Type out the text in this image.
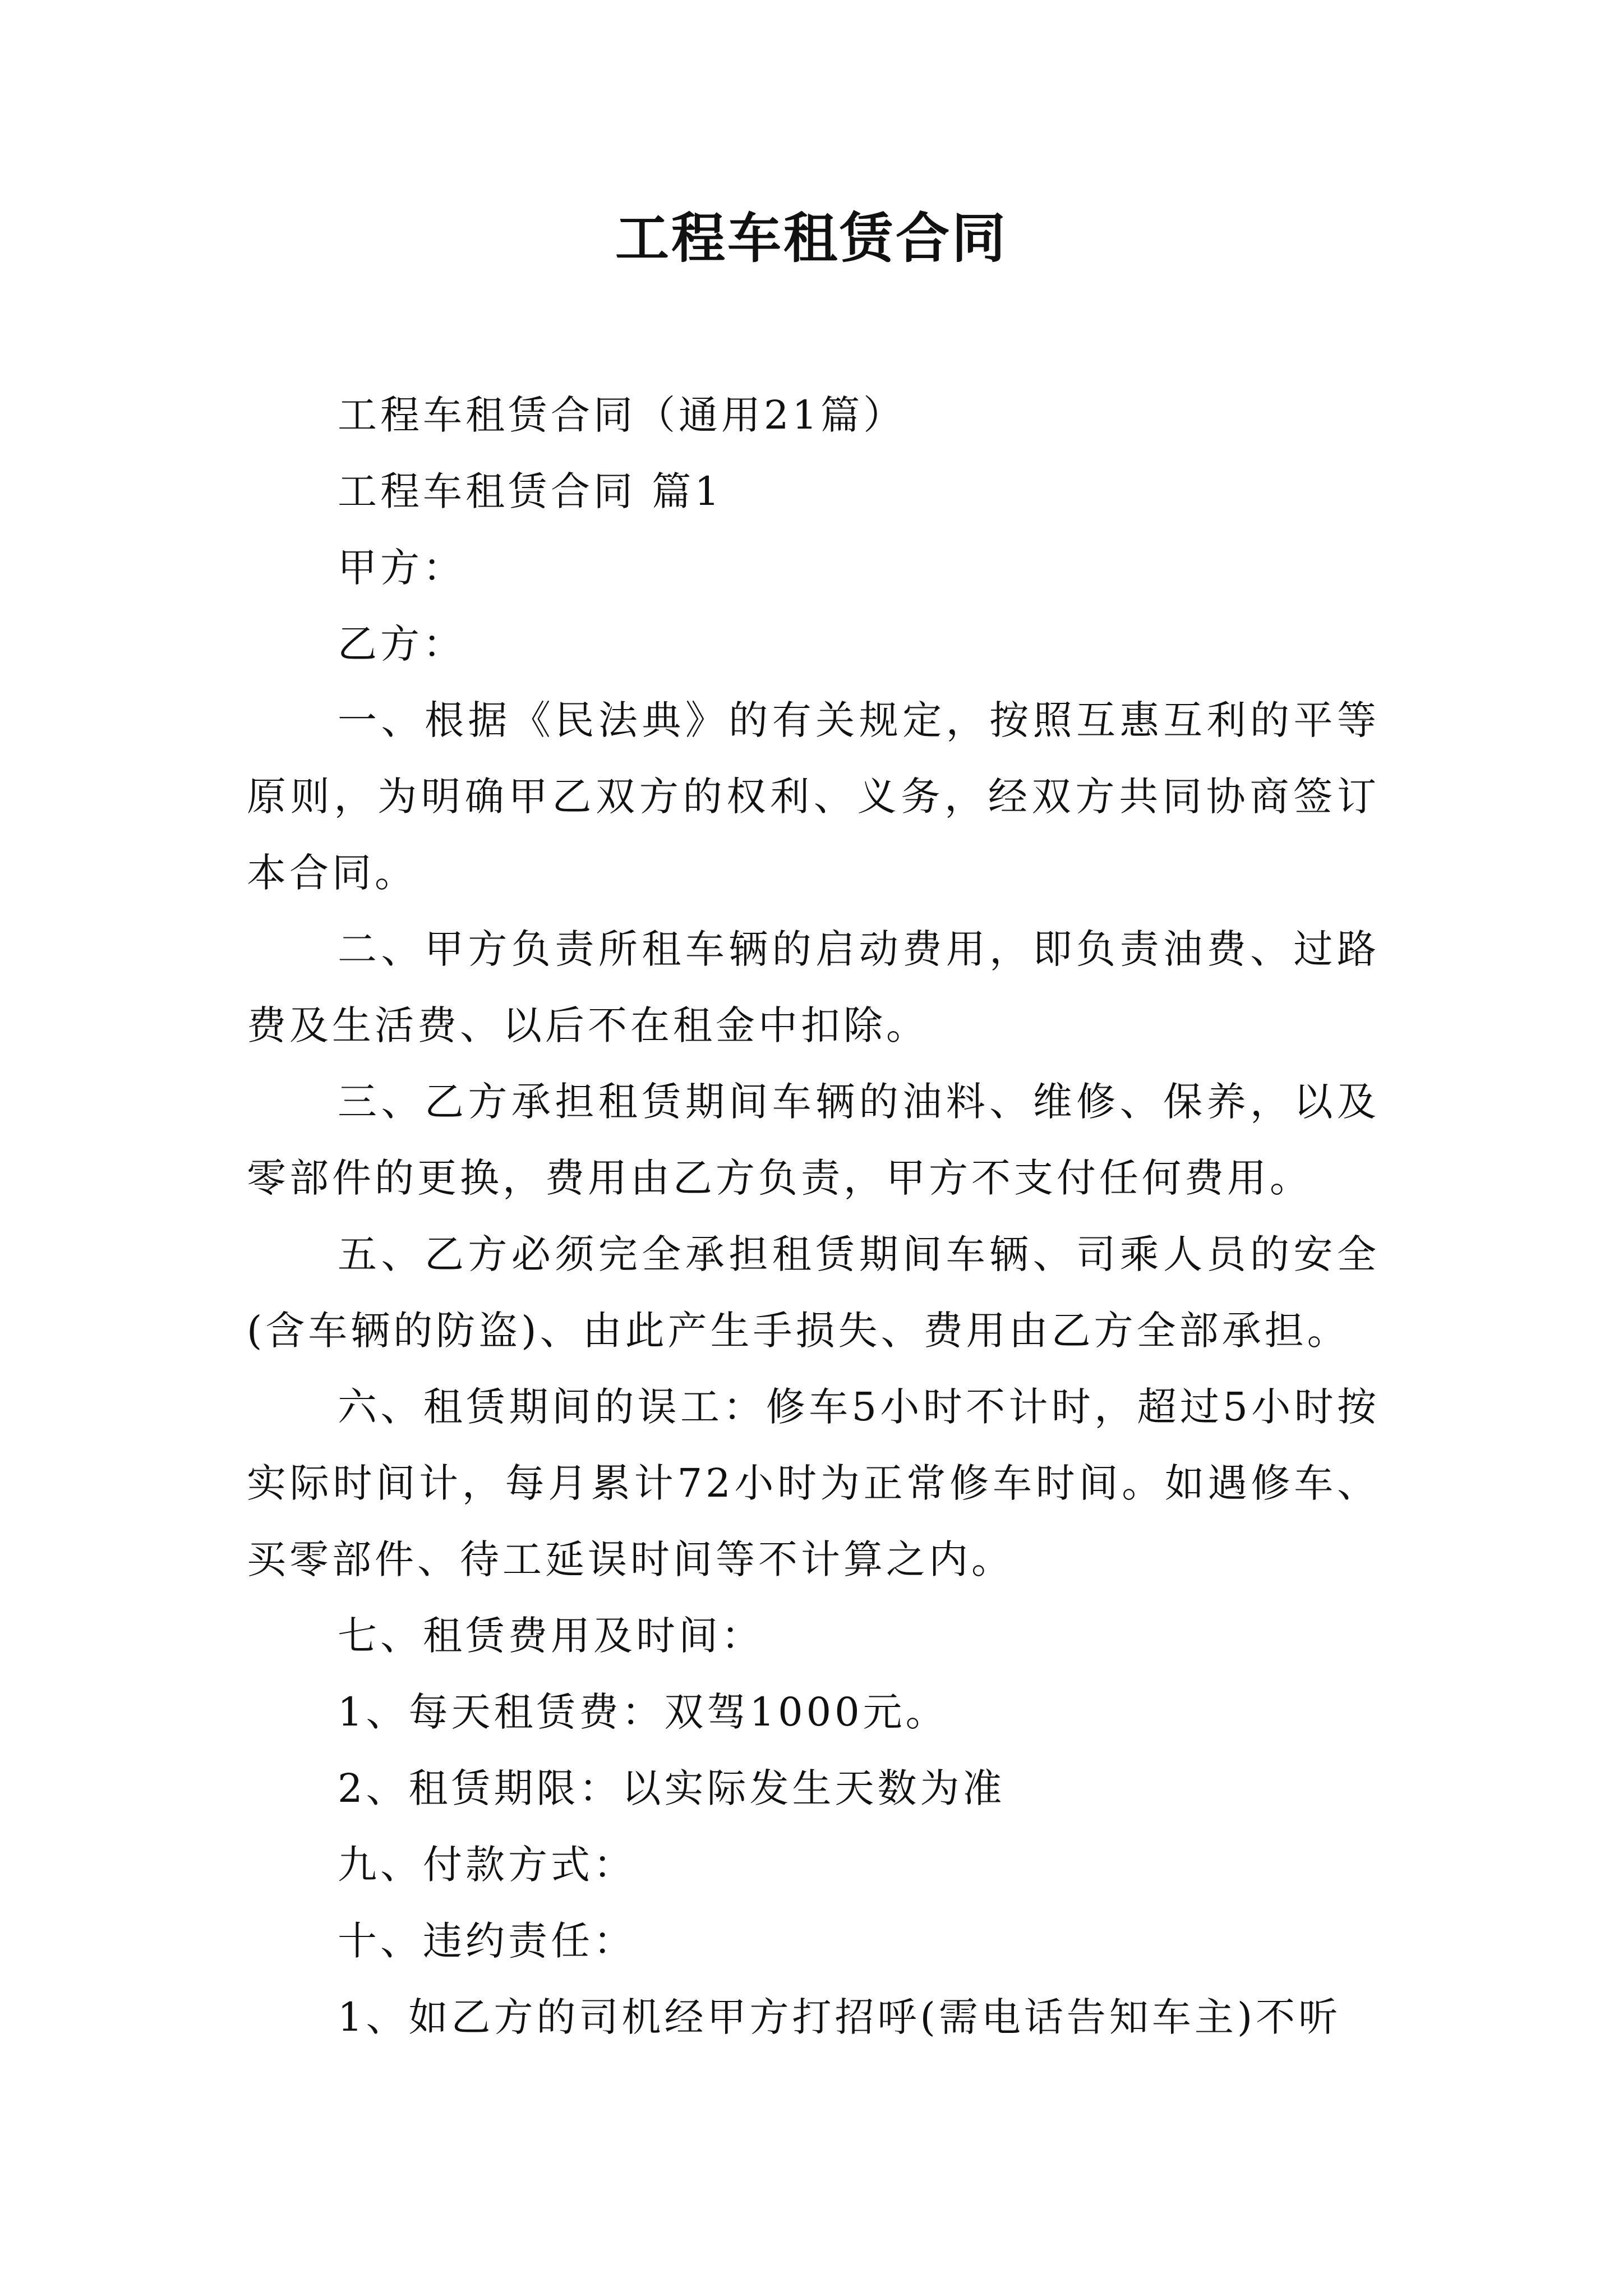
工程车租赁合同

工程车租赁合同（通用21篇）

工程车租赁合同 篇1

甲方：

乙方：

一、根据《民法典》的有关规定，按照互惠互利的平等原则，为明确甲乙双方的权利、义务，经双方共同协商签订本合同。

二、甲方负责所租车辆的启动费用，即负责油费、过路费及生活费、以后不在租金中扣除。

三、乙方承担租赁期间车辆的油料、维修、保养，以及零部件的更换，费用由乙方负责，甲方不支付任何费用。

五、乙方必须完全承担租赁期间车辆、司乘人员的安全(含车辆的防盗)、由此产生手损失、费用由乙方全部承担。

六、租赁期间的误工：修车5小时不计时，超过5小时按实际时间计，每月累计72小时为正常修车时间。如遇修车、买零部件、待工延误时间等不计算之内。

七、租赁费用及时间：

1、每天租赁费：双驾1000元。

2、租赁期限：以实际发生天数为准

九、付款方式：

十、违约责任：

1、如乙方的司机经甲方打招呼(需电话告知车主)不听
